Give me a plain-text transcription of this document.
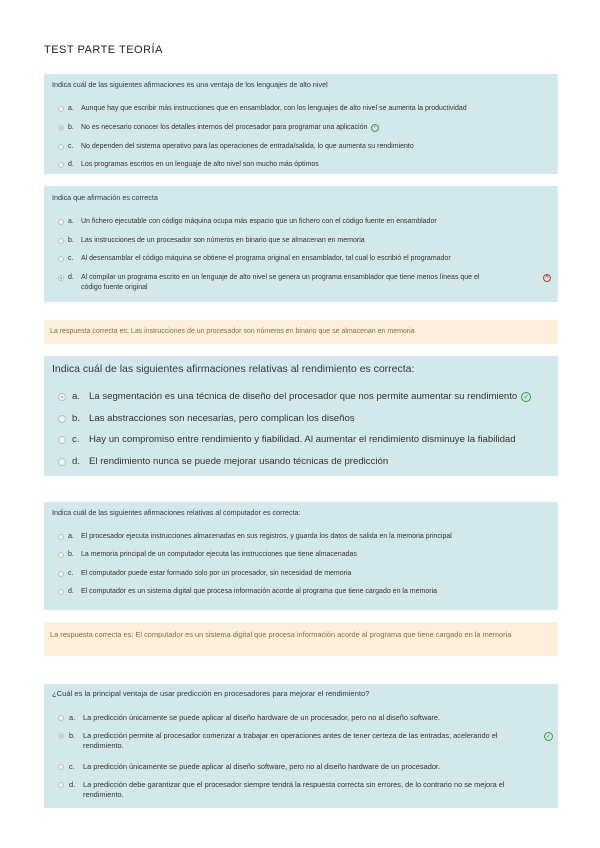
TEST PARTE TEORÍA
Indica cuál de las siguientes afirmaciones es una ventaja de los lenguajes de alto nivel
a.	Aunque hay que escribir más instrucciones que en ensamblador, con los lenguajes de alto nivel se aumenta la productividad
b.	No es necesario conocer los detalles internos del procesador para programar una aplicación	✓
c.	No dependen del sistema operativo para las operaciones de entrada/salida, lo que aumenta su rendimiento
d.	Los programas escritos en un lenguaje de alto nivel son mucho más óptimos
Indica que afirmación es correcta
a.	Un fichero ejecutable con código máquina ocupa más espacio que un fichero con el código fuente en ensamblador
b.	Las instrucciones de un procesador son números en binario que se almacenan en memoria
c.	Al desensamblar el código máquina se obtiene el programa original en ensamblador, tal cual lo escribió el programador
d.	Al compilar un programa escrito en un lenguaje de alto nivel se genera un programa ensamblador que tiene menos líneas que el código fuente original
✕
La respuesta correcta es: Las instrucciones de un procesador son números en binario que se almacenan en memoria
Indica cuál de las siguientes afirmaciones relativas al rendimiento es correcta:
a. La segmentación es una técnica de diseño del procesador que nos permite aumentar su rendimiento ✓
b. Las abstracciones son necesarias, pero complican los diseños
c. Hay un compromiso entre rendimiento y fiabilidad. Al aumentar el rendimiento disminuye la fiabilidad
d. El rendimiento nunca se puede mejorar usando técnicas de predicción
Indica cuál de las siguientes afirmaciones relativas al computador es correcta:
a.	El procesador ejecuta instrucciones almacenadas en sus registros, y guarda los datos de salida en la memoria principal
b.	La memoria principal de un computador ejecuta las instrucciones que tiene almacenadas
c.	El computador puede estar formado solo por un procesador, sin necesidad de memoria
d.	El computador es un sistema digital que procesa información acorde al programa que tiene cargado en la memoria
La respuesta correcta es: El computador es un sistema digital que procesa información acorde al programa que tiene cargado en la memoria
¿Cuál es la principal ventaja de usar predicción en procesadores para mejorar el rendimiento?
a.	La predicción únicamente se puede aplicar al diseño hardware de un procesador, pero no al diseño software.
b.	La predicción permite al procesador comenzar a trabajar en operaciones antes de tener certeza de las entradas, acelerando el rendimiento.
✓
c.	La predicción únicamente se puede aplicar al diseño software, pero no al diseño hardware de un procesador.
d.	La predicción debe garantizar que el procesador siempre tendrá la respuesta correcta sin errores, de lo contrario no se mejora el rendimiento.
